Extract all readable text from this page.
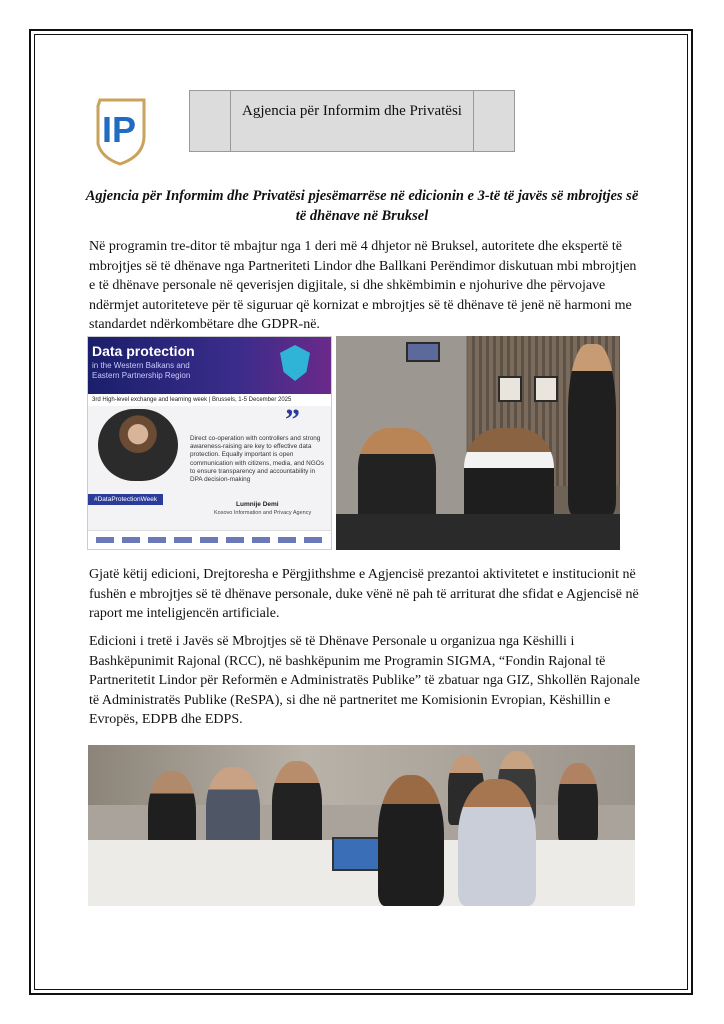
IP	Agjencia për Informim dhe Privatësi
Agjencia për Informim dhe Privatësi pjesëmarrëse në edicionin e 3-të të javës së mbrojtjes së të dhënave në Bruksel
Në programin tre-ditor të mbajtur nga 1 deri më 4 dhjetor në Bruksel, autoritete dhe ekspertë të mbrojtjes së të dhënave nga Partneriteti Lindor dhe Ballkani Perëndimor diskutuan mbi mbrojtjen e të dhënave personale në qeverisjen digjitale, si dhe shkëmbimin e njohurive dhe përvojave ndërmjet autoriteteve për të siguruar që kornizat e mbrojtjes së të dhënave të jenë në harmoni me standardet ndërkombëtare dhe GDPR-në.
Data protection
in the Western Balkans and
Eastern Partnership Region
3rd High-level exchange and learning week | Brussels, 1-5 December 2025
”
Direct co-operation with controllers and strong awareness-raising are key to effective data protection. Equally important is open communication with citizens, media, and NGOs to ensure transparency and accountability in DPA decision-making
#DataProtectionWeek
Lumnije Demi
Kosovo Information and Privacy Agency
Gjatë këtij edicioni, Drejtoresha e Përgjithshme e Agjencisë prezantoi aktivitetet e institucionit në fushën e mbrojtjes së të dhënave personale, duke vënë në pah të arriturat dhe sfidat e Agjencisë në raport me inteligjencën artificiale.
Edicioni i tretë i Javës së Mbrojtjes së të Dhënave Personale u organizua nga Këshilli i Bashkëpunimit Rajonal (RCC), në bashkëpunim me Programin SIGMA, “Fondin Rajonal të Partneritetit Lindor për Reformën e Administratës Publike” të zbatuar nga GIZ, Shkollën Rajonale të Administratës Publike (ReSPA), si dhe në partneritet me Komisionin Evropian, Këshillin e Evropës, EDPB dhe EDPS.
